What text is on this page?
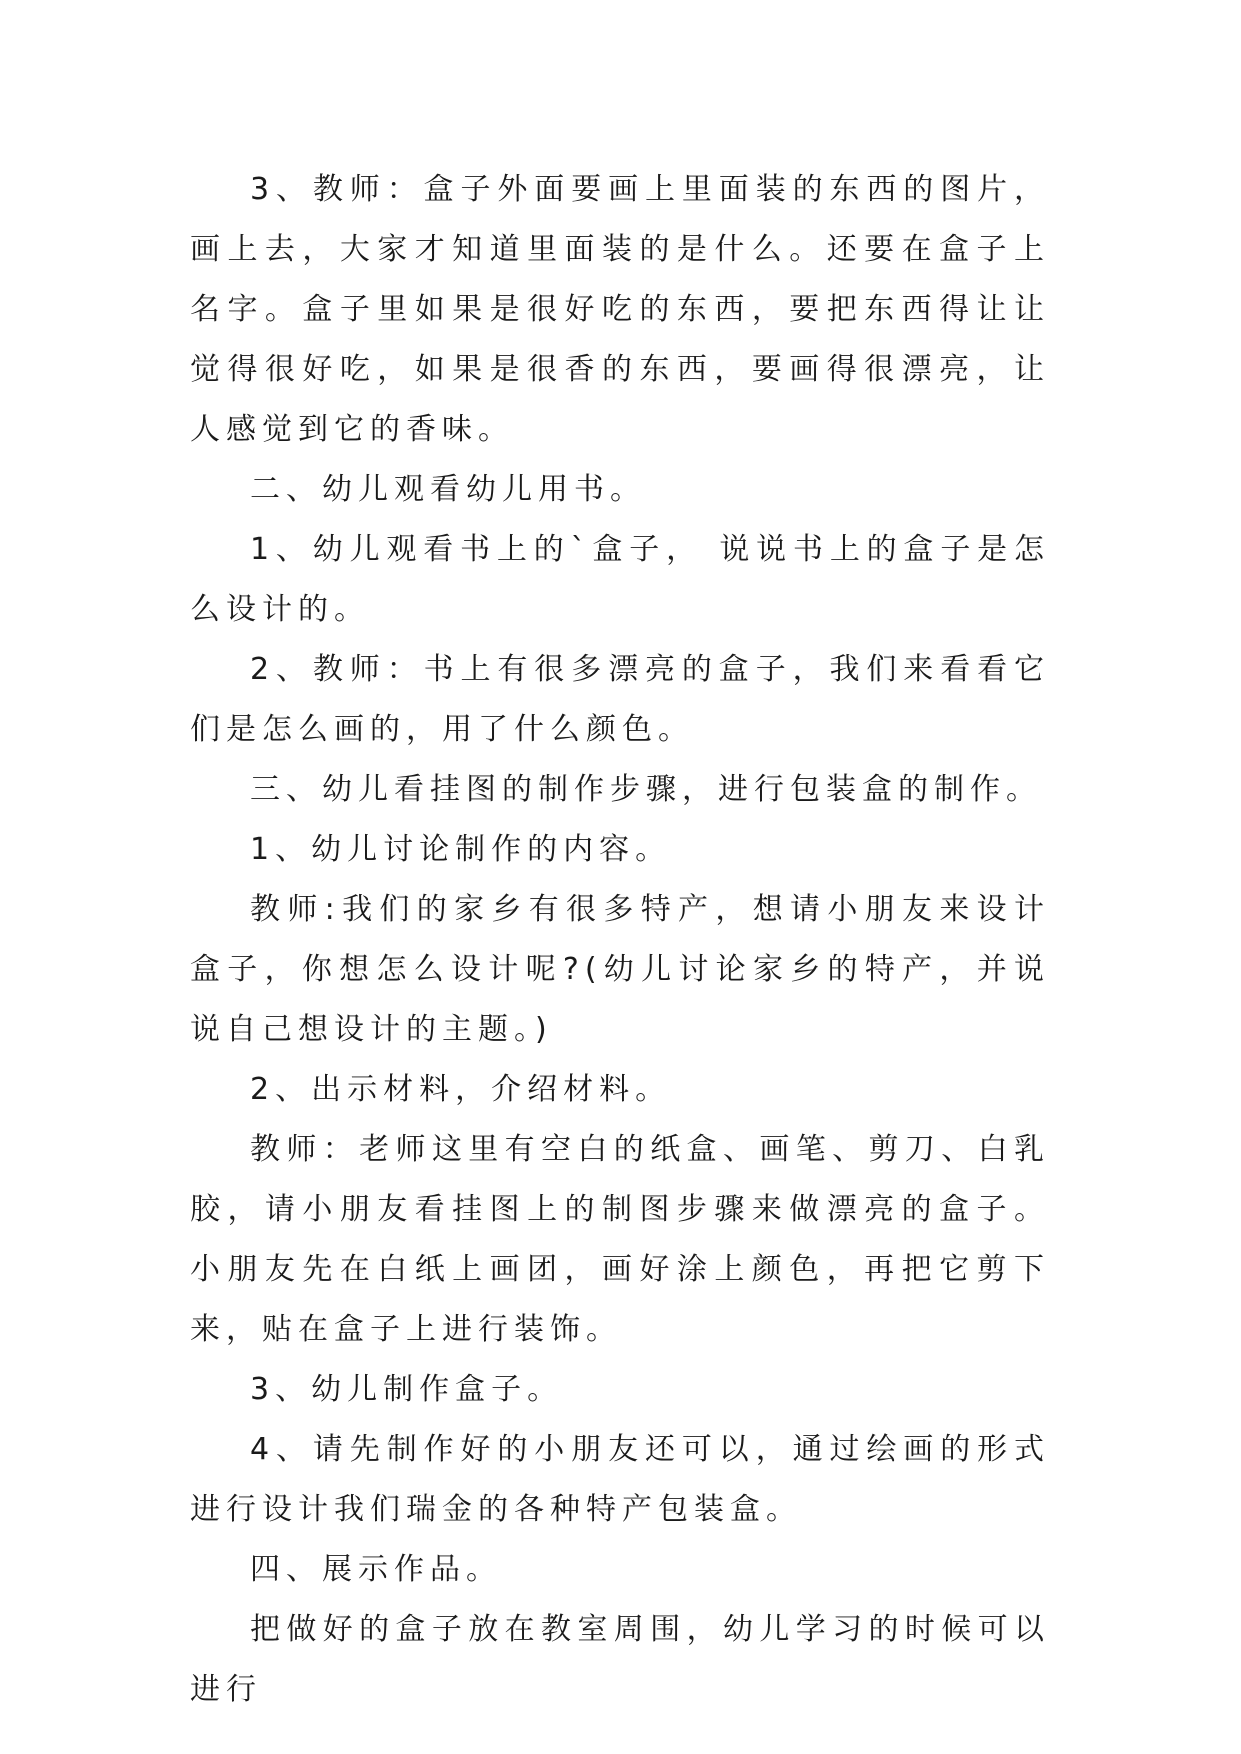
3、教师：盒子外面要画上里面装的东西的图片，画上去，大家才知道里面装的是什么。还要在盒子上名字。盒子里如果是很好吃的东西，要把东西得让让觉得很好吃，如果是很香的东西，要画得很漂亮，让人感觉到它的香味。

二、幼儿观看幼儿用书。

1、幼儿观看书上的`盒子， 说说书上的盒子是怎么设计的。

2、教师：书上有很多漂亮的盒子，我们来看看它们是怎么画的，用了什么颜色。

三、幼儿看挂图的制作步骤，进行包装盒的制作。

1、幼儿讨论制作的内容。

教师:我们的家乡有很多特产，想请小朋友来设计盒子，你想怎么设计呢?(幼儿讨论家乡的特产，并说说自己想设计的主题。)

2、出示材料，介绍材料。

教师：老师这里有空白的纸盒、画笔、剪刀、白乳胶，请小朋友看挂图上的制图步骤来做漂亮的盒子。小朋友先在白纸上画团，画好涂上颜色，再把它剪下来，贴在盒子上进行装饰。

3、幼儿制作盒子。

4、请先制作好的小朋友还可以，通过绘画的形式进行设计我们瑞金的各种特产包装盒。

四、展示作品。

把做好的盒子放在教室周围，幼儿学习的时候可以进行
